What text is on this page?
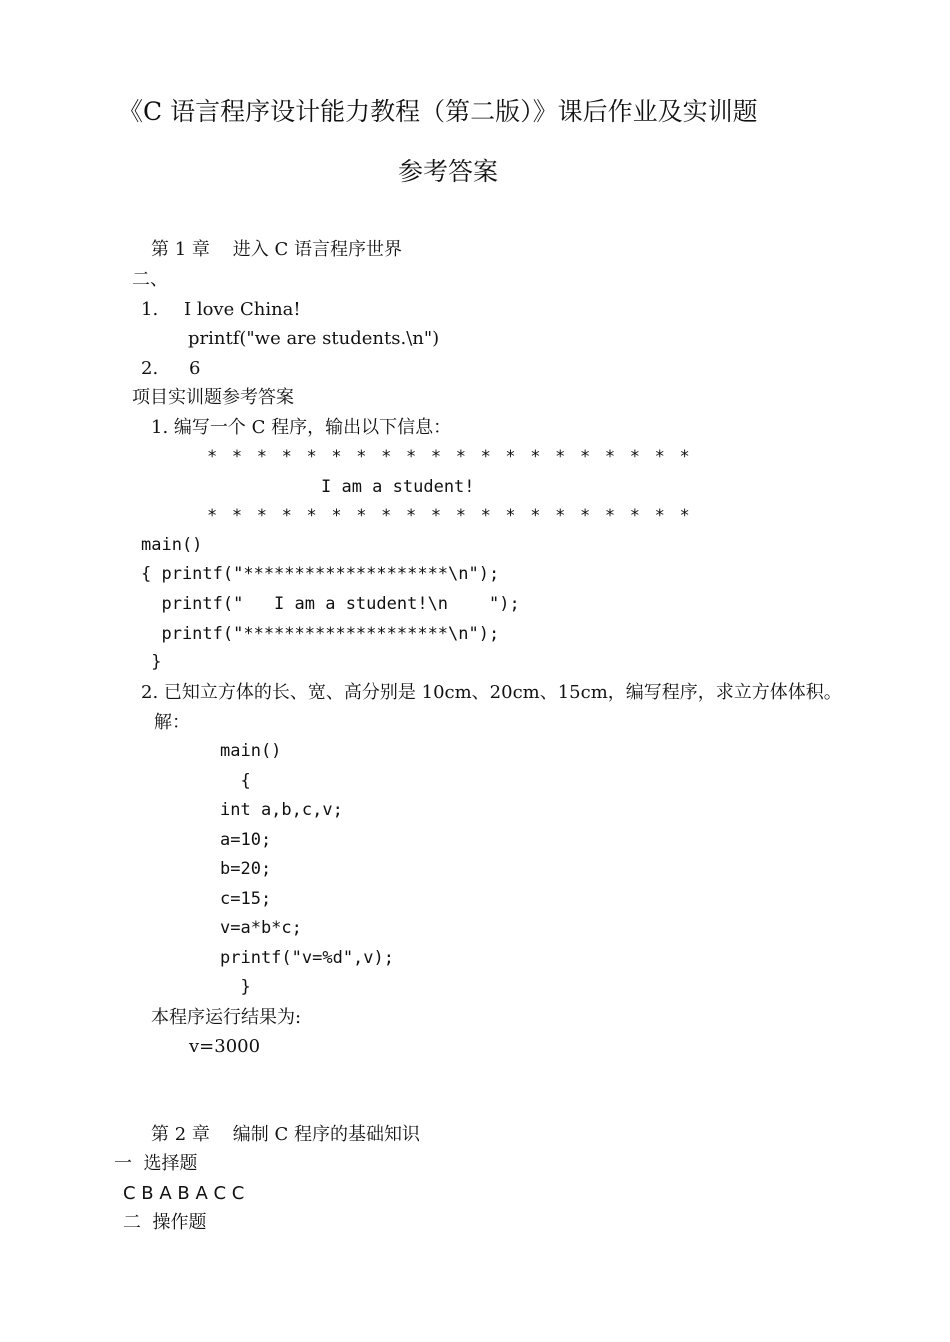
《C 语言程序设计能力教程（第二版）》课后作业及实训题
参考答案
第 1 章    进入 C 语言程序世界
二、
1. I love China!
printf("we are students.\n")
2. 6
项目实训题参考答案
1. 编写一个 C 程序，输出以下信息：
* * * * * * * * * * * * * * * * * * * *
I am a student!
* * * * * * * * * * * * * * * * * * * *
main()
{ printf("********************\n");
printf("   I am a student!\n    ");
printf("********************\n");
}
2. 已知立方体的长、宽、高分别是 10cm、20cm、15cm，编写程序，求立方体体积。
解：
main()
{
int a,b,c,v;
a=10;
b=20;
c=15;
v=a*b*c;
printf("v=%d",v);
}
本程序运行结果为:
v=3000
第 2 章    编制 C 程序的基础知识
一  选择题
C B A B A C C
二  操作题
